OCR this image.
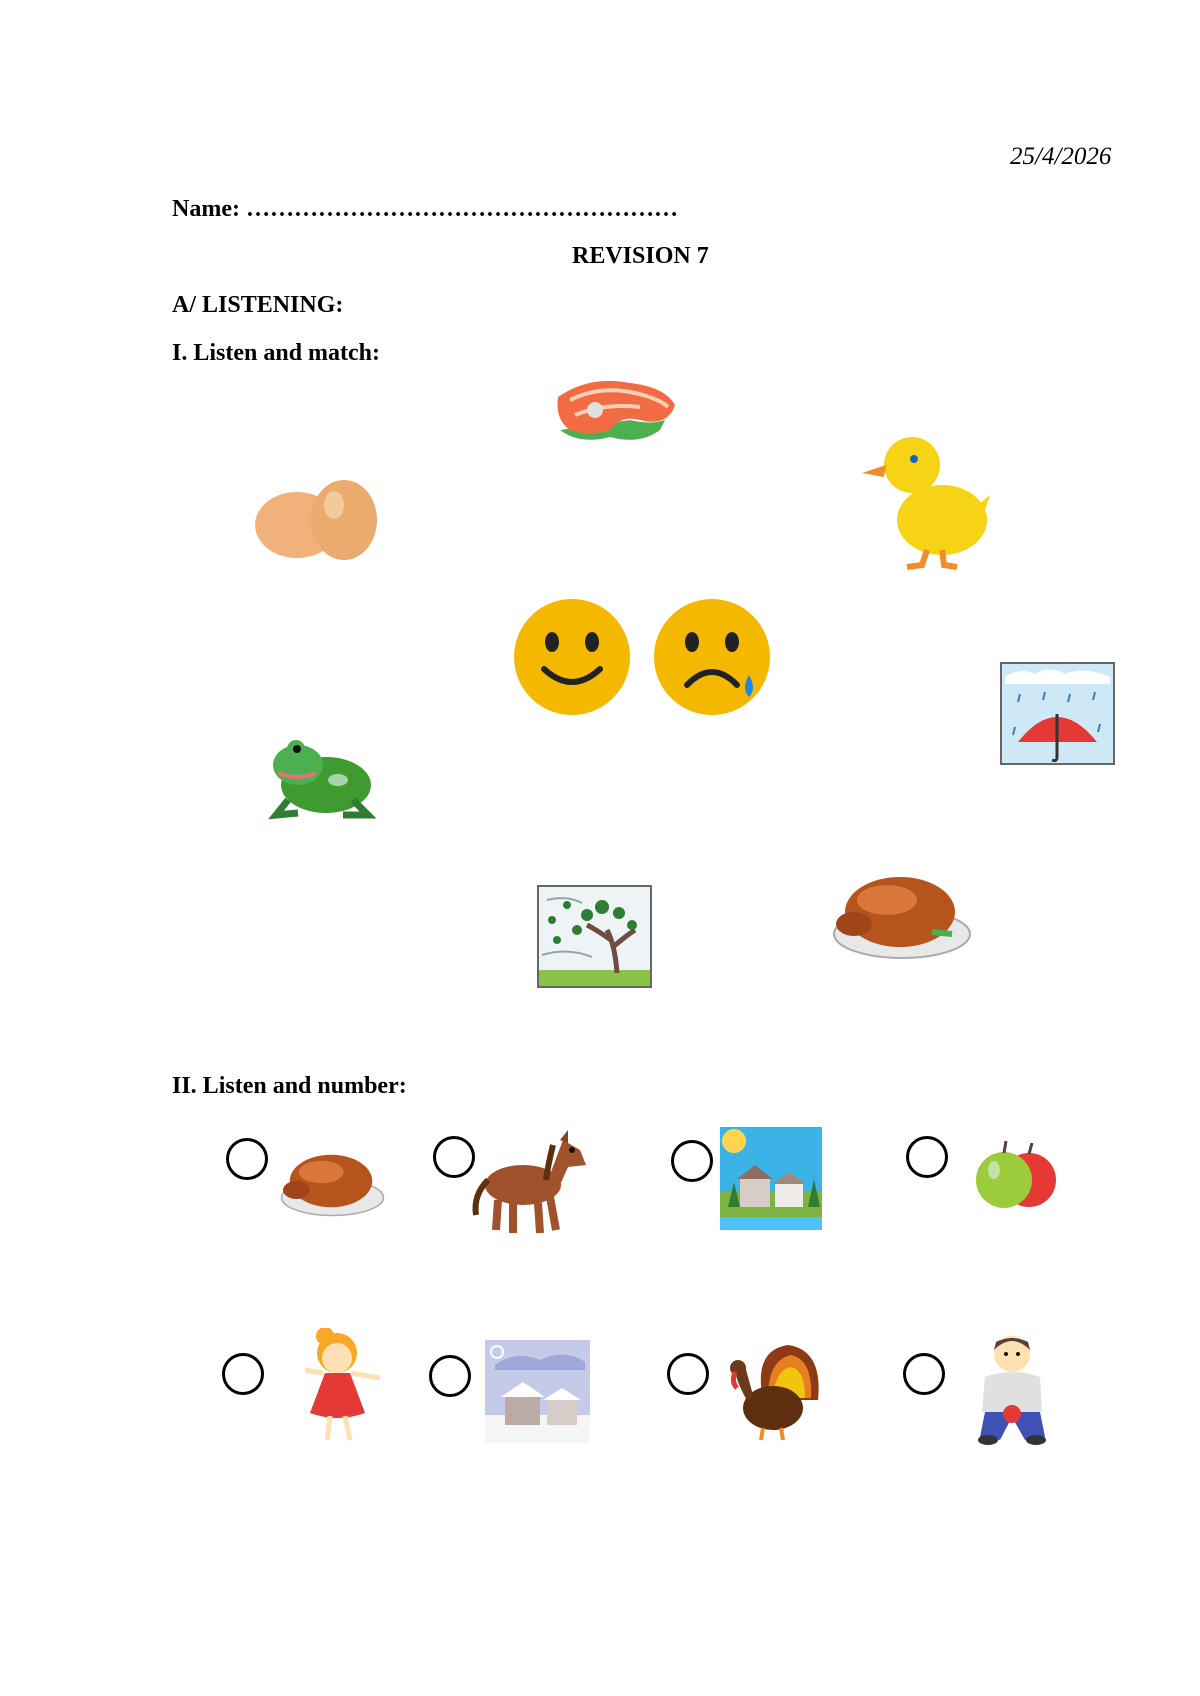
25/4/2026
Name: ………………………………………………
REVISION 7
A/ LISTENING:
I. Listen and match:
II. Listen and number:
